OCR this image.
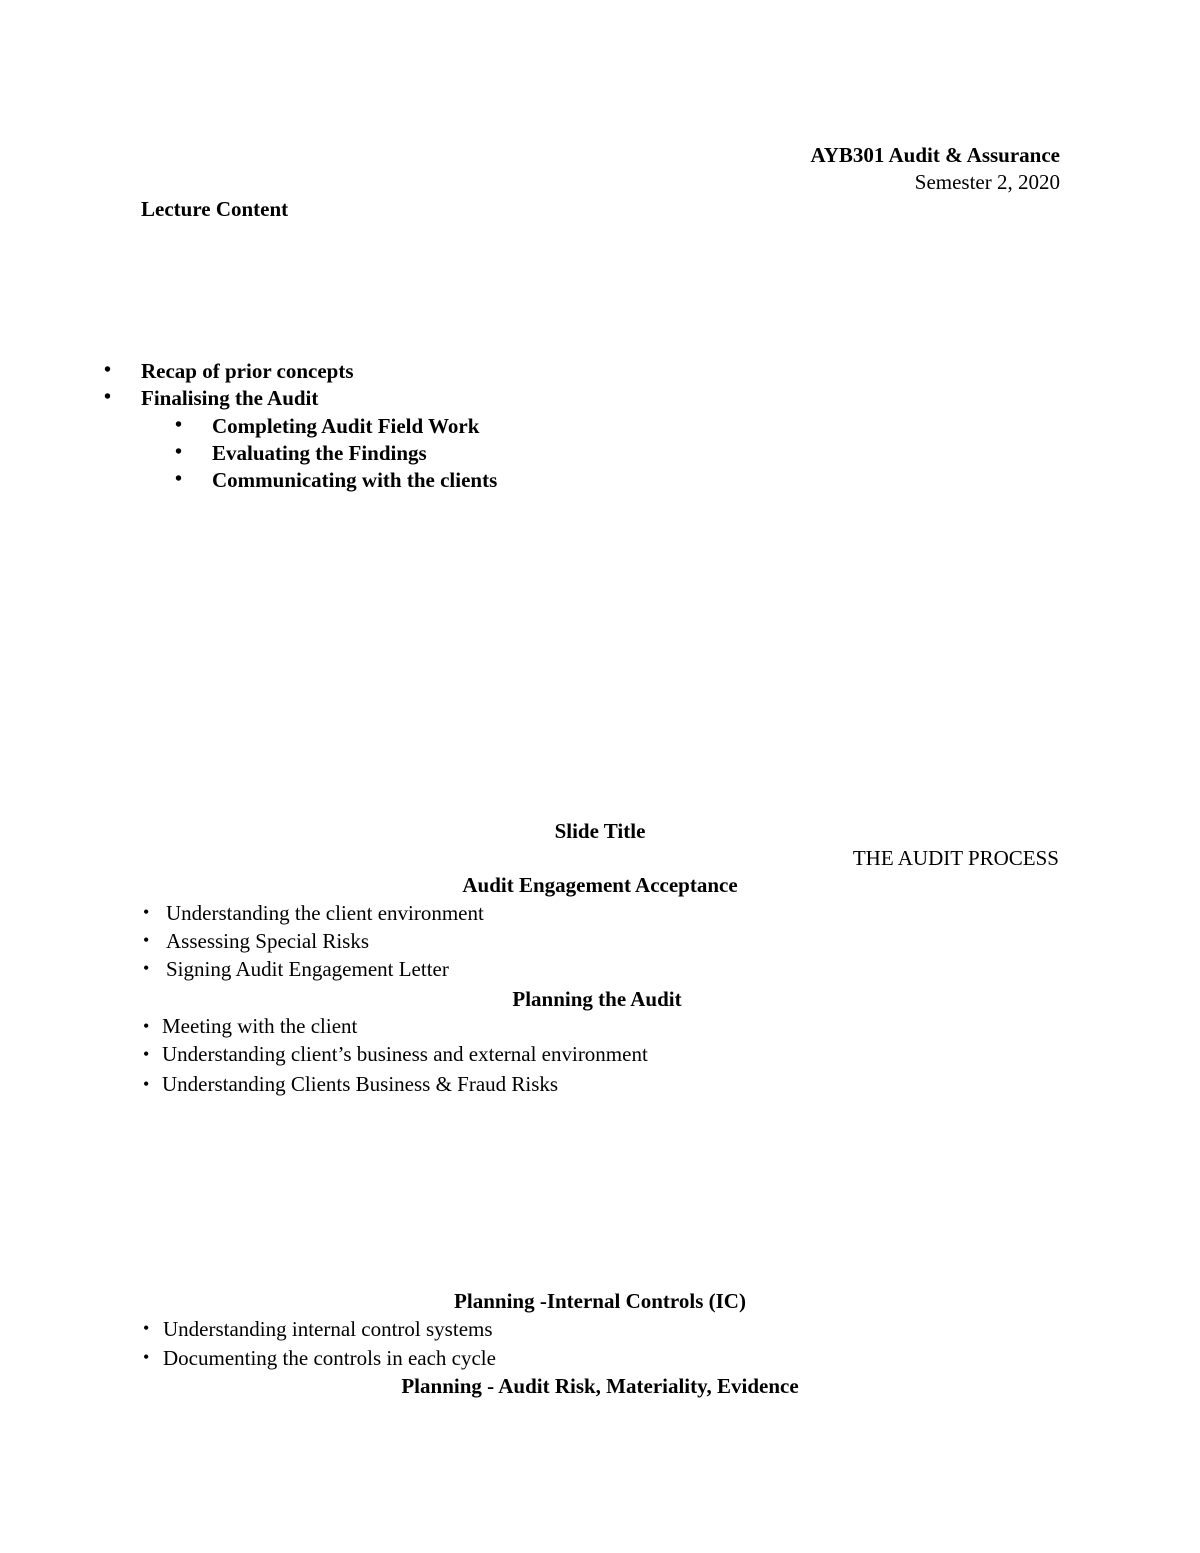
AYB301 Audit & Assurance
Semester 2, 2020
Lecture Content
• Recap of prior concepts
• Finalising the Audit
• Completing Audit Field Work
• Evaluating the Findings
• Communicating with the clients
Slide Title
THE AUDIT PROCESS
Audit Engagement Acceptance
• Understanding the client environment
• Assessing Special Risks
• Signing Audit Engagement Letter
Planning the Audit
• Meeting with the client
• Understanding client’s business and external environment
• Understanding Clients Business & Fraud Risks
Planning -Internal Controls (IC)
• Understanding internal control systems
• Documenting the controls in each cycle
Planning - Audit Risk, Materiality, Evidence
